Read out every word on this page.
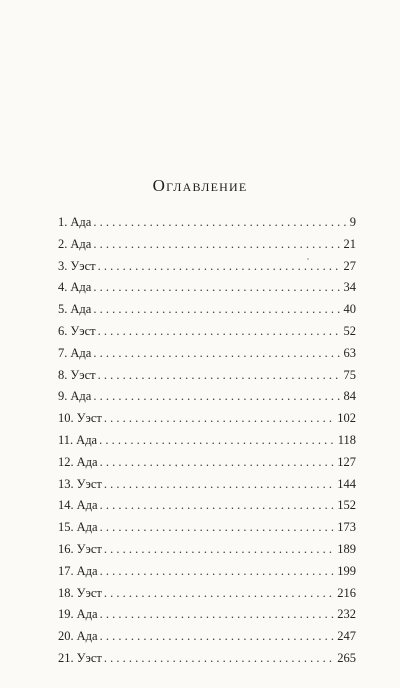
Оглавление
1. Ада . . .	9
2. Ада . . .	21
3. Уэст . . .	27
4. Ада . . .	34
5. Ада . . .	40
6. Уэст . . .	52
7. Ада . . .	63
8. Уэст . . .	75
9. Ада . . .	84
10. Уэст . . .	102
11. Ада . . .	118
12. Ада . . .	127
13. Уэст . . .	144
14. Ада . . .	152
15. Ада . . .	173
16. Уэст . . .	189
17. Ада . . .	199
18. Уэст . . .	216
19. Ада . . .	232
20. Ада . . .	247
21. Уэст . . .	265
